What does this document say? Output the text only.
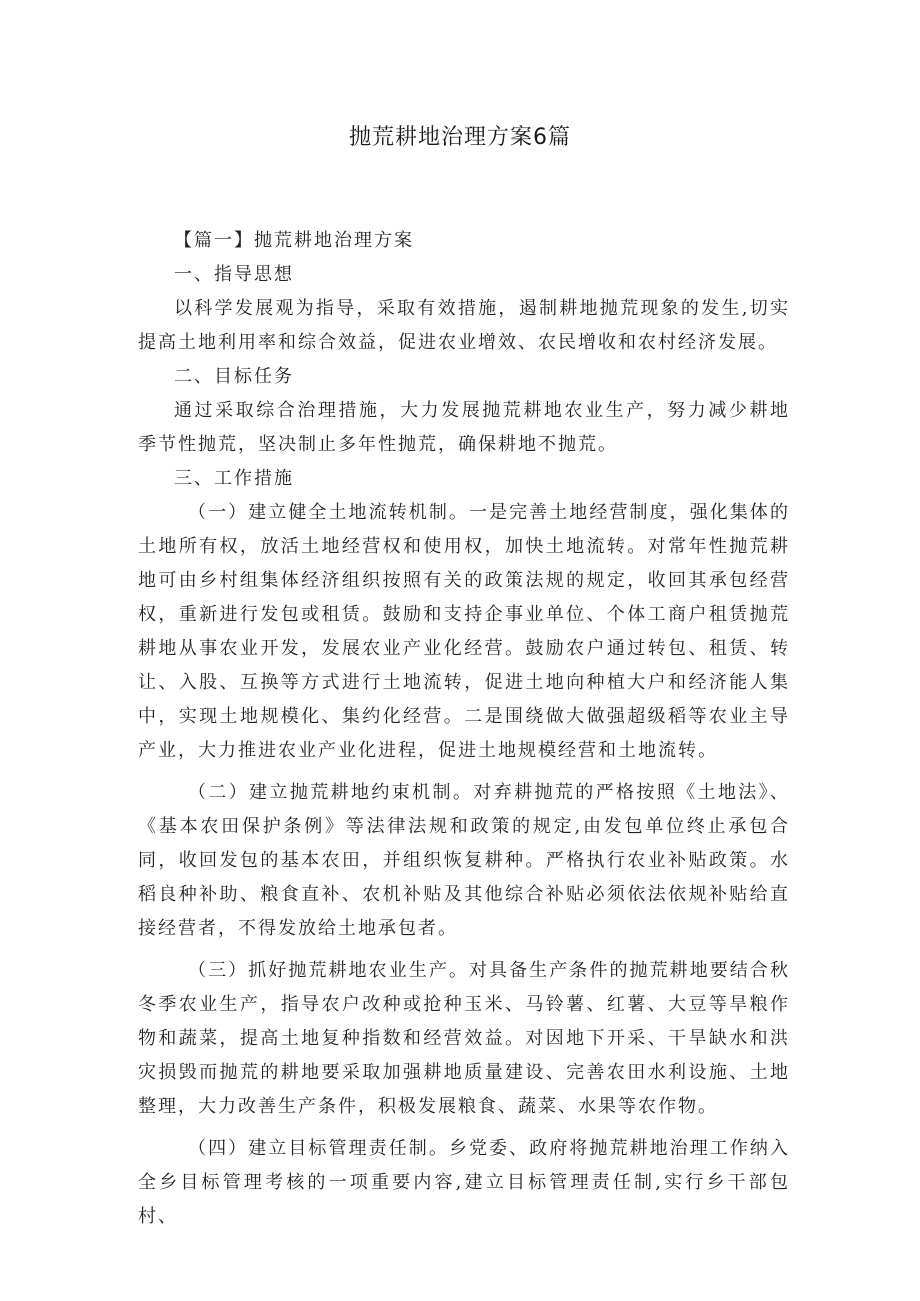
抛荒耕地治理方案6篇

【篇一】抛荒耕地治理方案

一、指导思想

以科学发展观为指导，采取有效措施，遏制耕地抛荒现象的发生,切实提高土地利用率和综合效益，促进农业增效、农民增收和农村经济发展。

二、目标任务

通过采取综合治理措施，大力发展抛荒耕地农业生产，努力减少耕地季节性抛荒，坚决制止多年性抛荒，确保耕地不抛荒。

三、工作措施

（一）建立健全土地流转机制。一是完善土地经营制度，强化集体的土地所有权，放活土地经营权和使用权，加快土地流转。对常年性抛荒耕地可由乡村组集体经济组织按照有关的政策法规的规定，收回其承包经营权，重新进行发包或租赁。鼓励和支持企事业单位、个体工商户租赁抛荒耕地从事农业开发，发展农业产业化经营。鼓励农户通过转包、租赁、转让、入股、互换等方式进行土地流转，促进土地向种植大户和经济能人集中，实现土地规模化、集约化经营。二是围绕做大做强超级稻等农业主导产业，大力推进农业产业化进程，促进土地规模经营和土地流转。

（二）建立抛荒耕地约束机制。对弃耕抛荒的严格按照《土地法》、《基本农田保护条例》等法律法规和政策的规定,由发包单位终止承包合同，收回发包的基本农田，并组织恢复耕种。严格执行农业补贴政策。水稻良种补助、粮食直补、农机补贴及其他综合补贴必须依法依规补贴给直接经营者，不得发放给土地承包者。

（三）抓好抛荒耕地农业生产。对具备生产条件的抛荒耕地要结合秋冬季农业生产，指导农户改种或抢种玉米、马铃薯、红薯、大豆等旱粮作物和蔬菜，提高土地复种指数和经营效益。对因地下开采、干旱缺水和洪灾损毁而抛荒的耕地要采取加强耕地质量建设、完善农田水利设施、土地整理，大力改善生产条件，积极发展粮食、蔬菜、水果等农作物。

（四）建立目标管理责任制。乡党委、政府将抛荒耕地治理工作纳入全乡目标管理考核的一项重要内容,建立目标管理责任制,实行乡干部包村、
